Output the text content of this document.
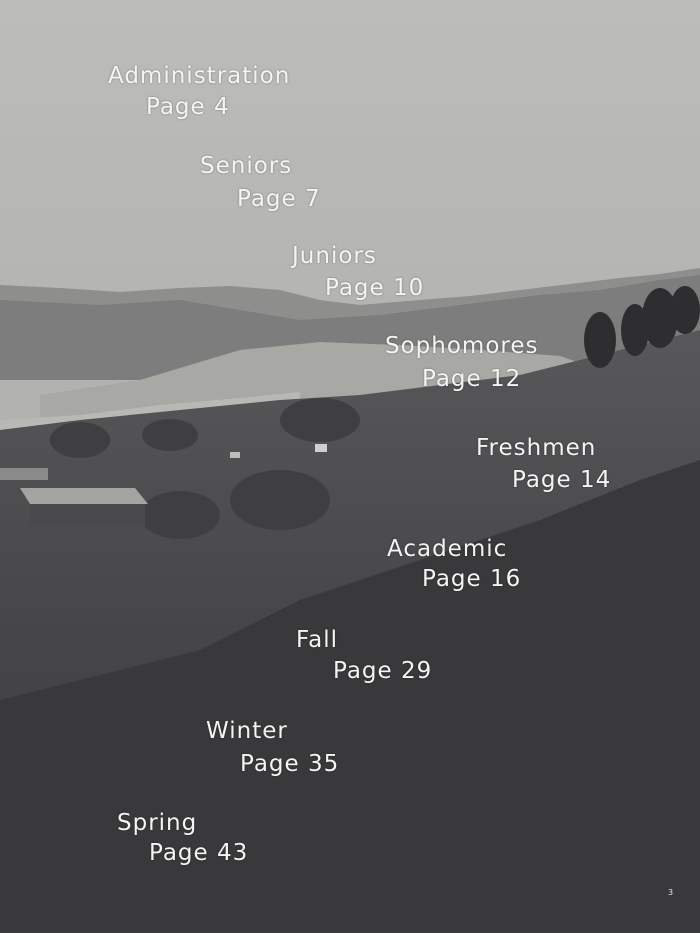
Administration
Page 4
Seniors
Page 7
Juniors
Page 10
Sophomores
Page 12
Freshmen
Page 14
Academic
Page 16
Fall
Page 29
Winter
Page 35
Spring
Page 43
3
